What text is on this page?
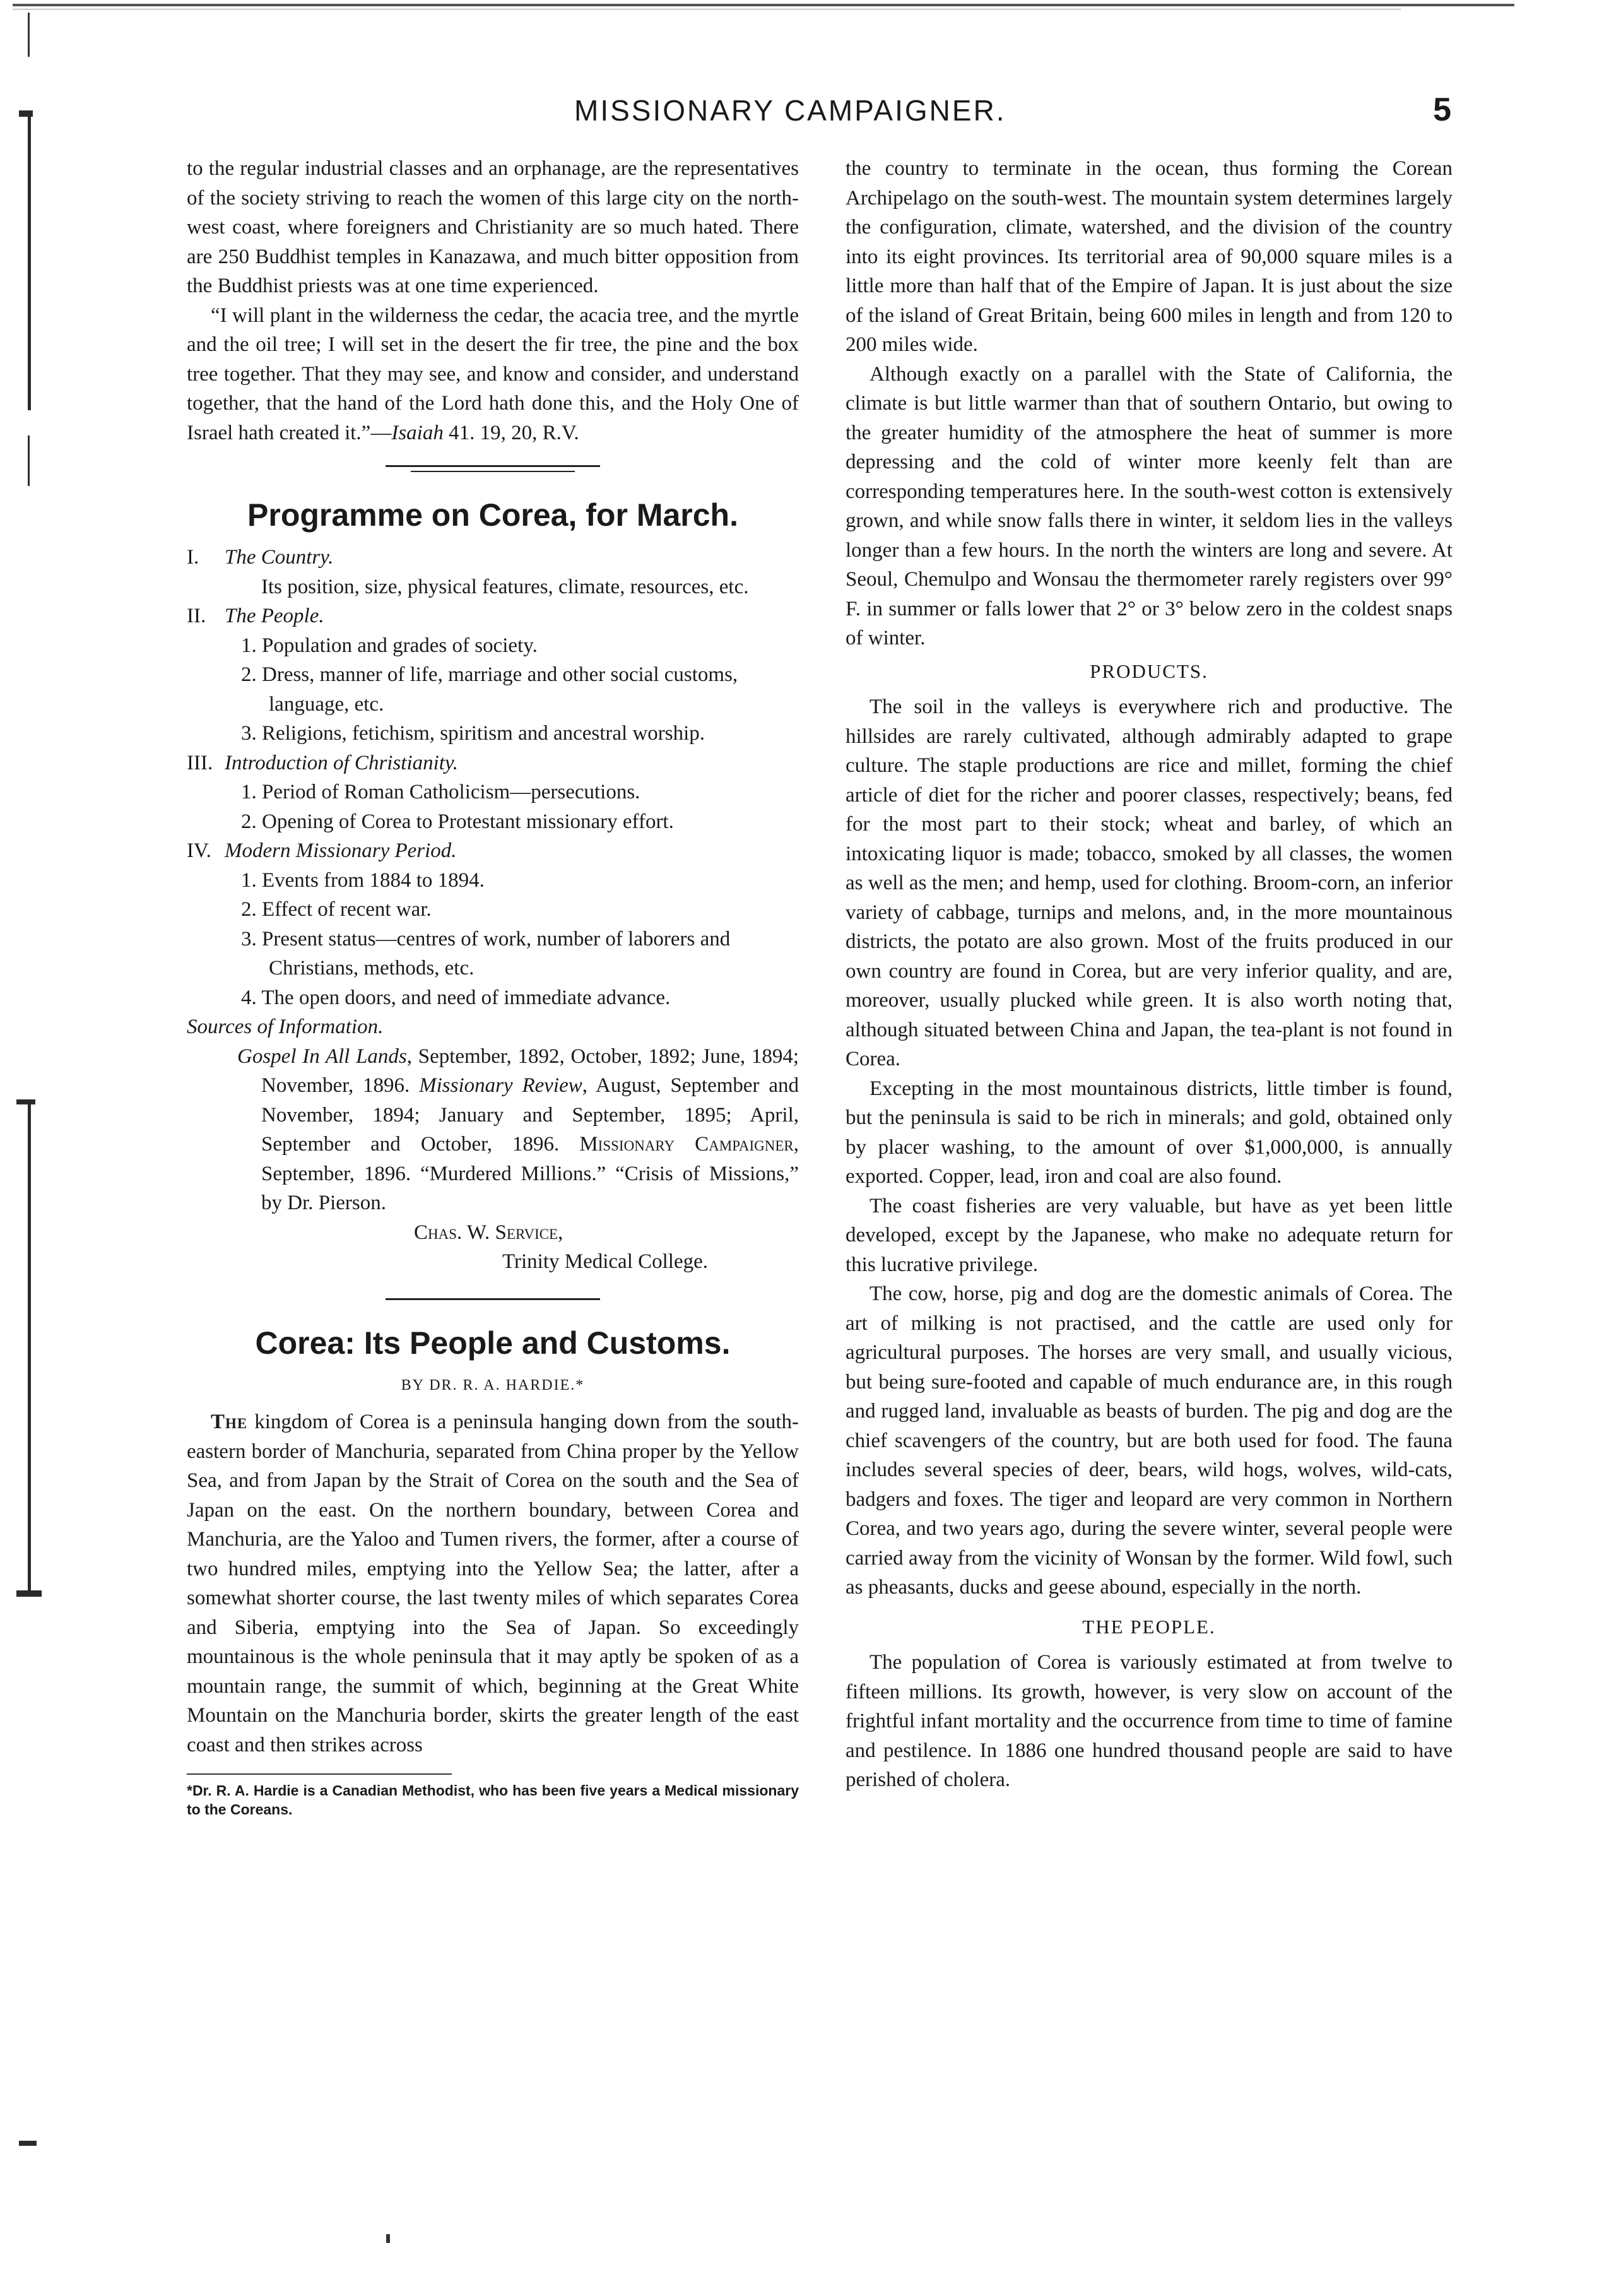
MISSIONARY CAMPAIGNER.	5

to the regular industrial classes and an orphanage, are the representatives of the society striving to reach the women of this large city on the north-west coast, where foreigners and Christianity are so much hated. There are 250 Buddhist temples in Kanazawa, and much bitter opposition from the Buddhist priests was at one time experienced.

“I will plant in the wilderness the cedar, the acacia tree, and the myrtle and the oil tree; I will set in the desert the fir tree, the pine and the box tree together. That they may see, and know and consider, and understand together, that the hand of the Lord hath done this, and the Holy One of Israel hath created it.”—Isaiah 41. 19, 20, R.V.

Programme on Corea, for March.

I. The Country.

Its position, size, physical features, climate, resources, etc.

II. The People.

1. Population and grades of society.

2. Dress, manner of life, marriage and other social customs, language, etc.

3. Religions, fetichism, spiritism and ancestral worship.

III. Introduction of Christianity.

1. Period of Roman Catholicism—persecutions.

2. Opening of Corea to Protestant missionary effort.

IV. Modern Missionary Period.

1. Events from 1884 to 1894.

2. Effect of recent war.

3. Present status—centres of work, number of laborers and Christians, methods, etc.

4. The open doors, and need of immediate advance.

Sources of Information.

Gospel In All Lands, September, 1892, October, 1892; June, 1894; November, 1896. Missionary Review, August, September and November, 1894; January and September, 1895; April, September and October, 1896. Missionary Campaigner, September, 1896. “Murdered Millions.” “Crisis of Missions,” by Dr. Pierson.

Chas. W. Service,

Trinity Medical College.

Corea: Its People and Customs.
BY DR. R. A. HARDIE.*

The kingdom of Corea is a peninsula hanging down from the south-eastern border of Manchuria, separated from China proper by the Yellow Sea, and from Japan by the Strait of Corea on the south and the Sea of Japan on the east. On the northern boundary, between Corea and Manchuria, are the Yaloo and Tumen rivers, the former, after a course of two hundred miles, emptying into the Yellow Sea; the latter, after a somewhat shorter course, the last twenty miles of which separates Corea and Siberia, emptying into the Sea of Japan. So exceedingly mountainous is the whole peninsula that it may aptly be spoken of as a mountain range, the summit of which, beginning at the Great White Mountain on the Manchuria border, skirts the greater length of the east coast and then strikes across

*Dr. R. A. Hardie is a Canadian Methodist, who has been five years a Medical missionary to the Coreans.

the country to terminate in the ocean, thus forming the Corean Archipelago on the south-west. The mountain system determines largely the configuration, climate, watershed, and the division of the country into its eight provinces. Its territorial area of 90,000 square miles is a little more than half that of the Empire of Japan. It is just about the size of the island of Great Britain, being 600 miles in length and from 120 to 200 miles wide.

Although exactly on a parallel with the State of California, the climate is but little warmer than that of southern Ontario, but owing to the greater humidity of the atmosphere the heat of summer is more depressing and the cold of winter more keenly felt than are corresponding temperatures here. In the south-west cotton is extensively grown, and while snow falls there in winter, it seldom lies in the valleys longer than a few hours. In the north the winters are long and severe. At Seoul, Chemulpo and Wonsau the thermometer rarely registers over 99° F. in summer or falls lower that 2° or 3° below zero in the coldest snaps of winter.

PRODUCTS.

The soil in the valleys is everywhere rich and productive. The hillsides are rarely cultivated, although admirably adapted to grape culture. The staple productions are rice and millet, forming the chief article of diet for the richer and poorer classes, respectively; beans, fed for the most part to their stock; wheat and barley, of which an intoxicating liquor is made; tobacco, smoked by all classes, the women as well as the men; and hemp, used for clothing. Broom-corn, an inferior variety of cabbage, turnips and melons, and, in the more mountainous districts, the potato are also grown. Most of the fruits produced in our own country are found in Corea, but are very inferior quality, and are, moreover, usually plucked while green. It is also worth noting that, although situated between China and Japan, the tea-plant is not found in Corea.

Excepting in the most mountainous districts, little timber is found, but the peninsula is said to be rich in minerals; and gold, obtained only by placer washing, to the amount of over $1,000,000, is annually exported. Copper, lead, iron and coal are also found.

The coast fisheries are very valuable, but have as yet been little developed, except by the Japanese, who make no adequate return for this lucrative privilege.

The cow, horse, pig and dog are the domestic animals of Corea. The art of milking is not practised, and the cattle are used only for agricultural purposes. The horses are very small, and usually vicious, but being sure-footed and capable of much endurance are, in this rough and rugged land, invaluable as beasts of burden. The pig and dog are the chief scavengers of the country, but are both used for food. The fauna includes several species of deer, bears, wild hogs, wolves, wild-cats, badgers and foxes. The tiger and leopard are very common in Northern Corea, and two years ago, during the severe winter, several people were carried away from the vicinity of Wonsan by the former. Wild fowl, such as pheasants, ducks and geese abound, especially in the north.

THE PEOPLE.

The population of Corea is variously estimated at from twelve to fifteen millions. Its growth, however, is very slow on account of the frightful infant mortality and the occurrence from time to time of famine and pestilence. In 1886 one hundred thousand people are said to have perished of cholera.
